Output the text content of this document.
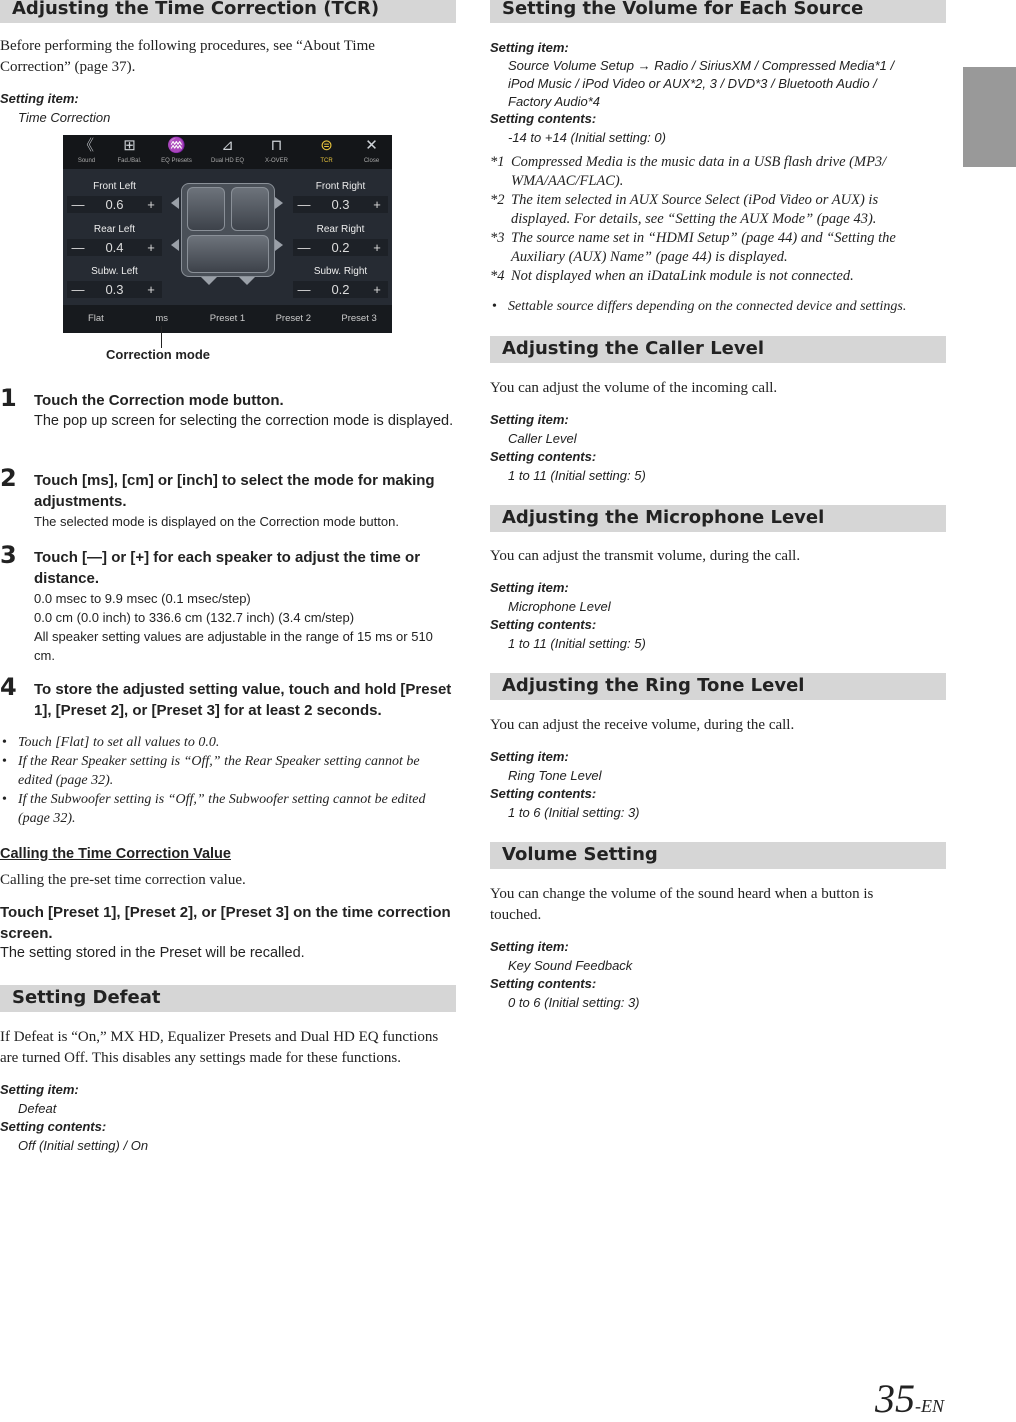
Adjusting the Time Correction (TCR)

Before performing the following procedures, see “About Time Correction” (page 37).

Setting item:

Time Correction

《
Sound
⊞
Fad./Bal.
♒
EQ Presets
⊿
Dual HD EQ
⊓
X-OVER
⊜
TCR
✕
Close
Front Left
—	0.6	+
Rear Left
—	0.4	+
Subw. Left
—	0.3	+
Front Right
—	0.3	+
Rear Right
—	0.2	+
Subw. Right
—	0.2	+
Flat	ms	Preset 1	Preset 2	Preset 3

Correction mode

1 Touch the Correction mode button.

The pop up screen for selecting the correction mode is displayed.

2 Touch [ms], [cm] or [inch] to select the mode for making adjustments.

The selected mode is displayed on the Correction mode button.

3 Touch [—] or [+] for each speaker to adjust the time or distance.

0.0 msec to 9.9 msec (0.1 msec/step)

0.0 cm (0.0 inch) to 336.6 cm (132.7 inch) (3.4 cm/step)

All speaker setting values are adjustable in the range of 15 ms or 510 cm.

4 To store the adjusted setting value, touch and hold [Preset 1], [Preset 2], or [Preset 3] for at least 2 seconds.

• Touch [Flat] to set all values to 0.0.

• If the Rear Speaker setting is “Off,” the Rear Speaker setting cannot be edited (page 32).

• If the Subwoofer setting is “Off,” the Subwoofer setting cannot be edited (page 32).

Calling the Time Correction Value

Calling the pre-set time correction value.

Touch [Preset 1], [Preset 2], or [Preset 3] on the time correction screen.

The setting stored in the Preset will be recalled.

Setting Defeat

If Defeat is “On,” MX HD, Equalizer Presets and Dual HD EQ functions are turned Off. This disables any settings made for these functions.

Setting item:

Defeat

Setting contents:

Off (Initial setting) / On

Setting the Volume for Each Source

Setting item:

Source Volume Setup → Radio / SiriusXM / Compressed Media*1 /

iPod Music / iPod Video or AUX*2, 3 / DVD*3 / Bluetooth Audio /

Factory Audio*4

Setting contents:

-14 to +14 (Initial setting: 0)

*1 Compressed Media is the music data in a USB flash drive (MP3/
WMA/AAC/FLAC).
*2 The item selected in AUX Source Select (iPod Video or AUX) is
displayed. For details, see “Setting the AUX Mode” (page 43).
*3 The source name set in “HDMI Setup” (page 44) and “Setting the
Auxiliary (AUX) Name” (page 44) is displayed.
*4 Not displayed when an iDataLink module is not connected.

• Settable source differs depending on the connected device and settings.

Adjusting the Caller Level

You can adjust the volume of the incoming call.

Setting item:

Caller Level

Setting contents:

1 to 11 (Initial setting: 5)

Adjusting the Microphone Level

You can adjust the transmit volume, during the call.

Setting item:

Microphone Level

Setting contents:

1 to 11 (Initial setting: 5)

Adjusting the Ring Tone Level

You can adjust the receive volume, during the call.

Setting item:

Ring Tone Level

Setting contents:

1 to 6 (Initial setting: 3)

Volume Setting

You can change the volume of the sound heard when a button is touched.

Setting item:

Key Sound Feedback

Setting contents:

0 to 6 (Initial setting: 3)

35-EN
